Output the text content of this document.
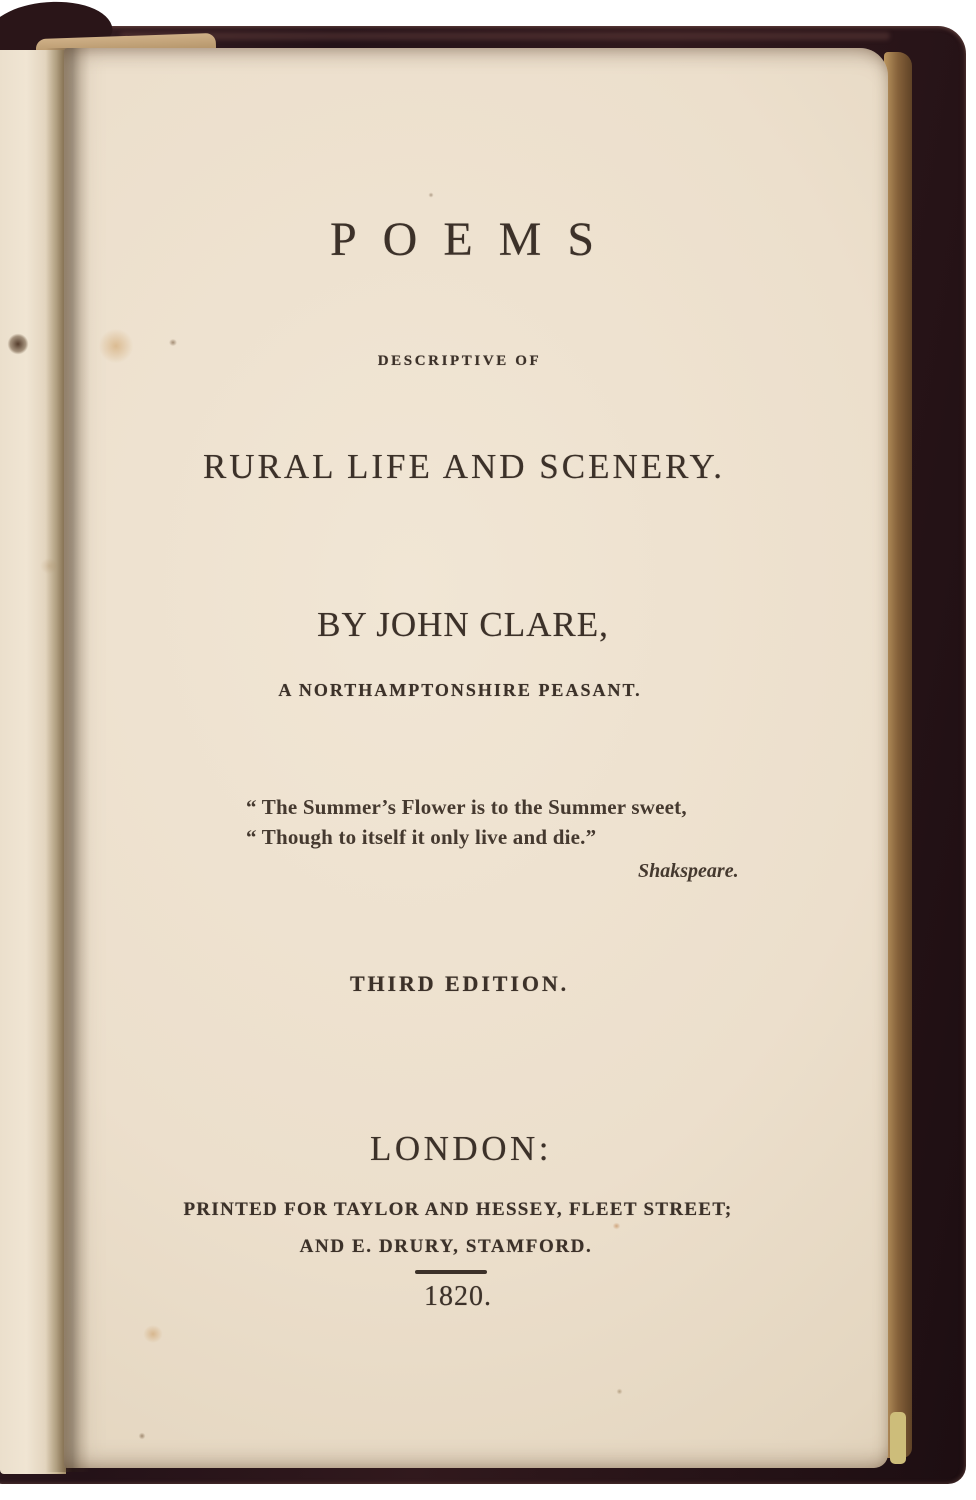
POEMS
DESCRIPTIVE OF
RURAL LIFE AND SCENERY.
BY JOHN CLARE,
A NORTHAMPTONSHIRE PEASANT.
“ The Summer’s Flower is to the Summer sweet,
“ Though to itself it only live and die.”
Shakspeare.
THIRD EDITION.
LONDON:
PRINTED FOR TAYLOR AND HESSEY, FLEET STREET;
AND E. DRURY, STAMFORD.
1820.
